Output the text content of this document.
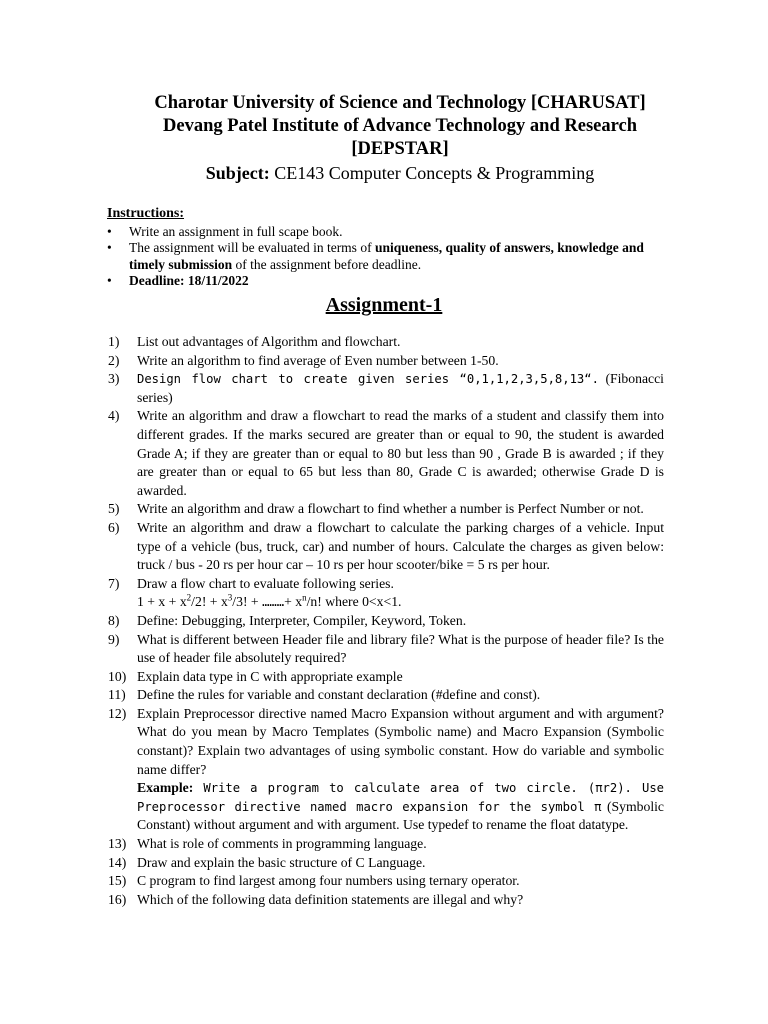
Charotar University of Science and Technology [CHARUSAT]
Devang Patel Institute of Advance Technology and Research
[DEPSTAR]
Subject: CE143 Computer Concepts & Programming
Instructions:
• Write an assignment in full scape book.
• The assignment will be evaluated in terms of uniqueness, quality of answers, knowledge and timely submission of the assignment before deadline.
• Deadline: 18/11/2022
Assignment-1
1) List out advantages of Algorithm and flowchart.
2) Write an algorithm to find average of Even number between 1-50.
3) Design flow chart to create given series “0,1,1,2,3,5,8,13“. (Fibonacci series)
4) Write an algorithm and draw a flowchart to read the marks of a student and classify them into different grades. If the marks secured are greater than or equal to 90, the student is awarded Grade A; if they are greater than or equal to 80 but less than 90 , Grade B is awarded ; if they are greater than or equal to 65 but less than 80, Grade C is awarded; otherwise Grade D is awarded.
5) Write an algorithm and draw a flowchart to find whether a number is Perfect Number or not.
6) Write an algorithm and draw a flowchart to calculate the parking charges of a vehicle. Input type of a vehicle (bus, truck, car) and number of hours. Calculate the charges as given below: truck / bus - 20 rs per hour car – 10 rs per hour scooter/bike = 5 rs per hour.
7) Draw a flow chart to evaluate following series.
$1 + x + x^2/2$! + $x^3/3$! + ………+ $x^n/n$! where 0<x<1.
8) Define: Debugging, Interpreter, Compiler, Keyword, Token.
9) What is different between Header file and library file? What is the purpose of header file? Is the use of header file absolutely required?
10) Explain data type in C with appropriate example
11) Define the rules for variable and constant declaration (#define and const).
12) Explain Preprocessor directive named Macro Expansion without argument and with argument? What do you mean by Macro Templates (Symbolic name) and Macro Expansion (Symbolic constant)? Explain two advantages of using symbolic constant. How do variable and symbolic name differ?
Example: Write a program to calculate area of two circle. (πr2). Use Preprocessor directive named macro expansion for the symbol π (Symbolic Constant) without argument and with argument. Use typedef to rename the float datatype.
13) What is role of comments in programming language.
14) Draw and explain the basic structure of C Language.
15) C program to find largest among four numbers using ternary operator.
16) Which of the following data definition statements are illegal and why?
